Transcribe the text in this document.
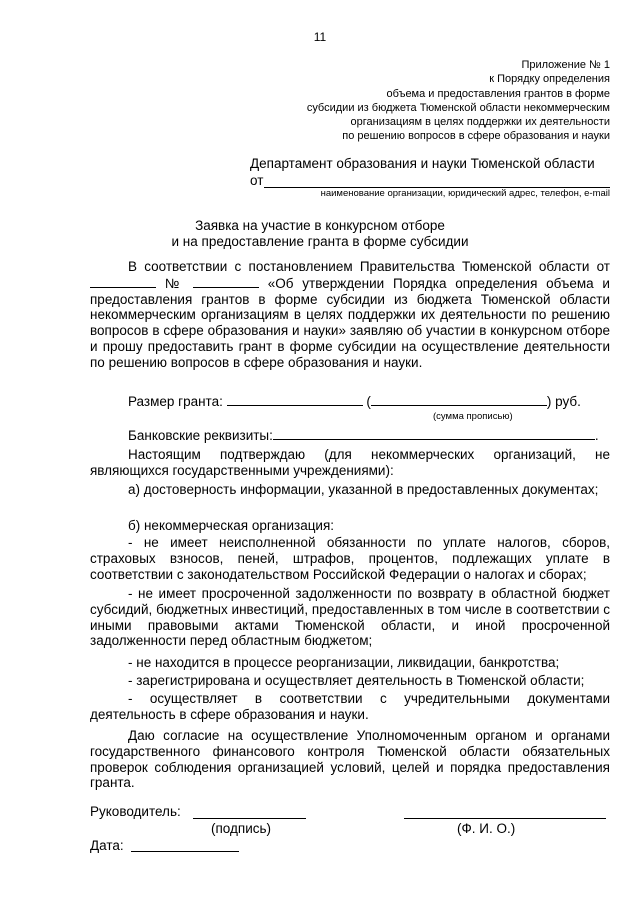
11
Приложение № 1
к Порядку определения
объема и предоставления грантов в форме
субсидии из бюджета Тюменской области некоммерческим
организациям в целях поддержки их деятельности
по решению вопросов в сфере образования и науки
Департамент образования и науки Тюменской области
от
наименование организации, юридический адрес, телефон, e-mail
Заявка на участие в конкурсном отборе
и на предоставление гранта в форме субсидии

В соответствии с постановлением Правительства Тюменской области от  №	«Об утверждении Порядка определения объема и предоставления грантов в форме субсидии из бюджета Тюменской области некоммерческим организациям в целях поддержки их деятельности по решению вопросов в сфере образования и науки» заявляю об участии в конкурсном отборе и прошу предоставить грант в форме субсидии на осуществление деятельности по решению вопросов в сфере образования и науки.

Размер гранта:	(	) руб.
(сумма прописью)
Банковские реквизиты:	.

Настоящим подтверждаю (для некоммерческих организаций, не являющихся государственными учреждениями):

а) достоверность информации, указанной в предоставленных документах;

б) некоммерческая организация:

- не имеет неисполненной обязанности по уплате налогов, сборов, страховых взносов, пеней, штрафов, процентов, подлежащих уплате в соответствии с законодательством Российской Федерации о налогах и сборах;

- не имеет просроченной задолженности по возврату в областной бюджет субсидий, бюджетных инвестиций, предоставленных в том числе в соответствии с иными правовыми актами Тюменской области, и иной просроченной задолженности перед областным бюджетом;

- не находится в процессе реорганизации, ликвидации, банкротства;

- зарегистрирована и осуществляет деятельность в Тюменской области;

- осуществляет в соответствии с учредительными документами деятельность в сфере образования и науки.

Даю согласие на осуществление Уполномоченным органом и органами государственного финансового контроля Тюменской области обязательных проверок соблюдения организацией условий, целей и порядка предоставления гранта.

Руководитель:
(подпись)	(Ф. И. О.)
Дата:
